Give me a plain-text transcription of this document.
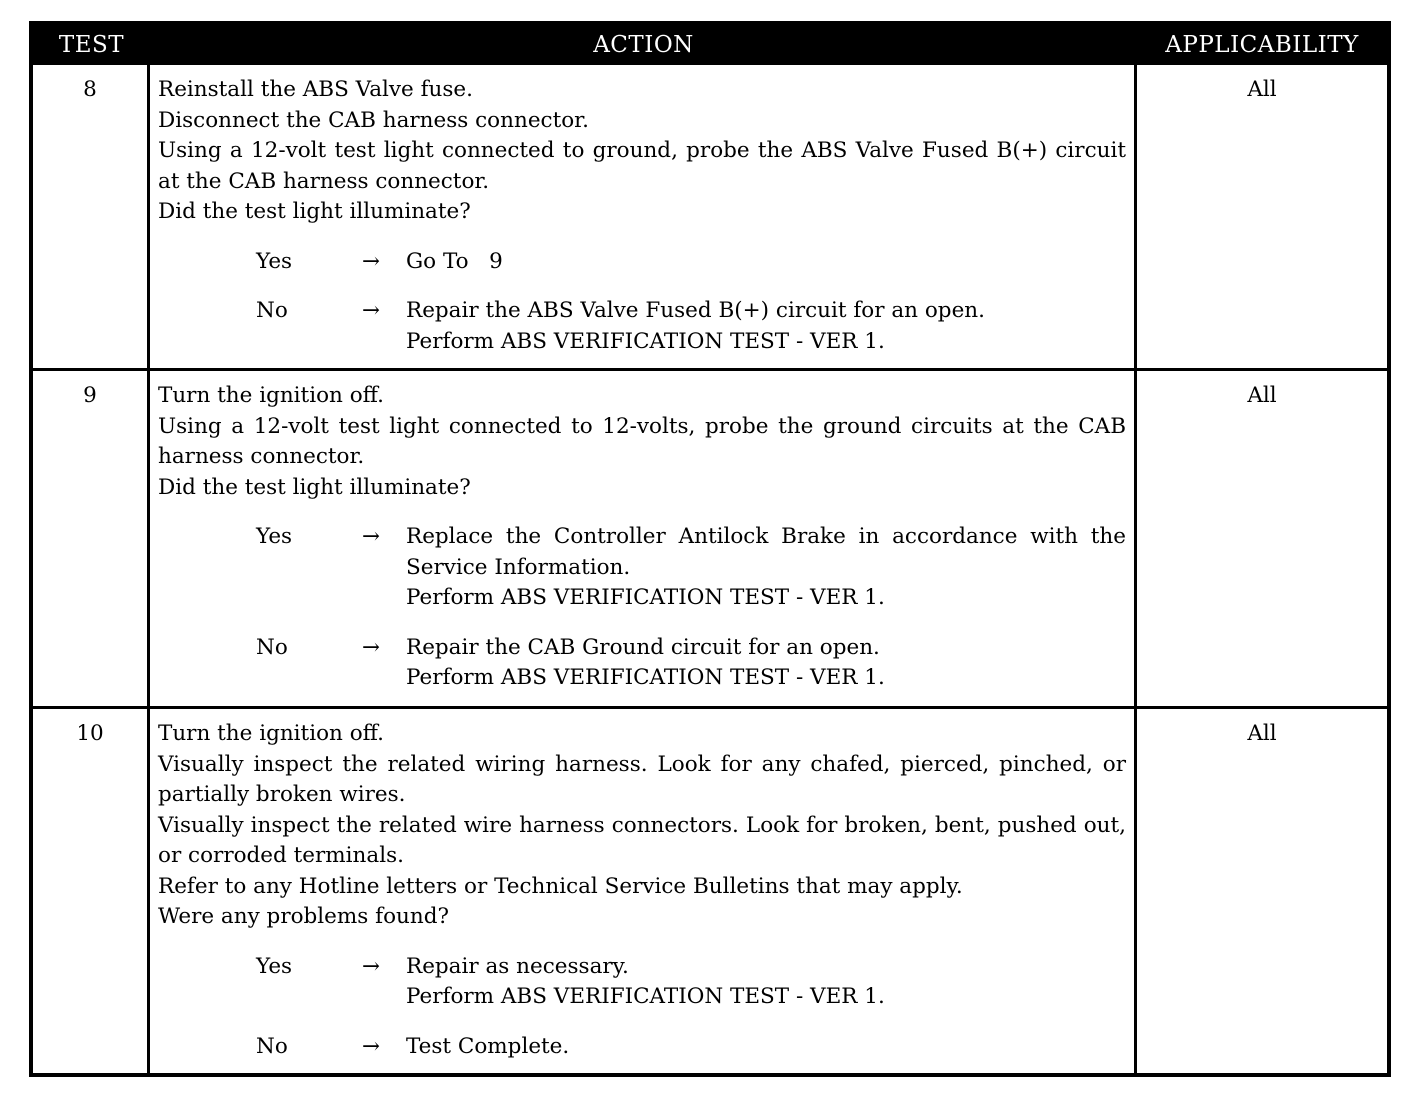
TEST	ACTION	APPLICABILITY
8	Reinstall the ABS Valve fuse.
Disconnect the CAB harness connector.
Using a 12-volt test light connected to ground, probe the ABS Valve Fused B(+) circuit at the CAB harness connector.
Did the test light illuminate?
Yes	→	Go To   9
No	→	Repair the ABS Valve Fused B(+) circuit for an open.
Perform ABS VERIFICATION TEST - VER 1.
All
9	Turn the ignition off.
Using a 12-volt test light connected to 12-volts, probe the ground circuits at the CAB harness connector.
Did the test light illuminate?
Yes	→	Replace the Controller Antilock Brake in accordance with the Service Information.
Perform ABS VERIFICATION TEST - VER 1.
No	→	Repair the CAB Ground circuit for an open.
Perform ABS VERIFICATION TEST - VER 1.
All
10	Turn the ignition off.
Visually inspect the related wiring harness. Look for any chafed, pierced, pinched, or partially broken wires.
Visually inspect the related wire harness connectors. Look for broken, bent, pushed out, or corroded terminals.
Refer to any Hotline letters or Technical Service Bulletins that may apply.
Were any problems found?
Yes	→	Repair as necessary.
Perform ABS VERIFICATION TEST - VER 1.
No	→	Test Complete.
All
